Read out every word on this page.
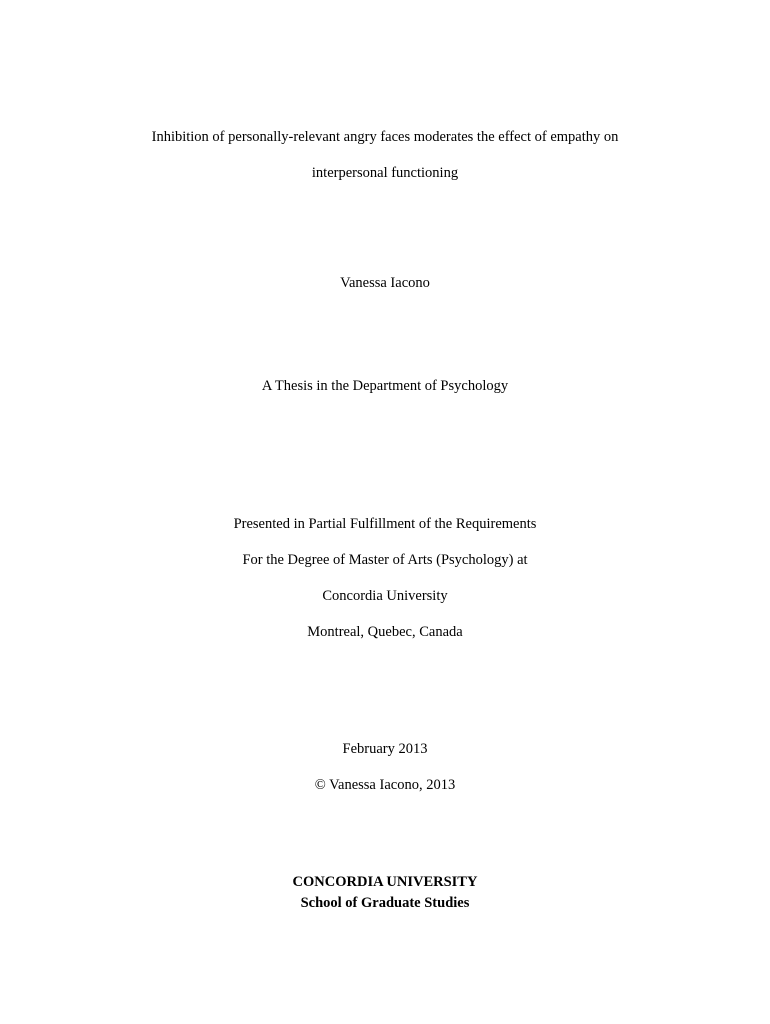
Inhibition of personally-relevant angry faces moderates the effect of empathy on
interpersonal functioning
Vanessa Iacono
A Thesis in the Department of Psychology
Presented in Partial Fulfillment of the Requirements
For the Degree of Master of Arts (Psychology) at
Concordia University
Montreal, Quebec, Canada
February 2013
© Vanessa Iacono, 2013
CONCORDIA UNIVERSITY
School of Graduate Studies
